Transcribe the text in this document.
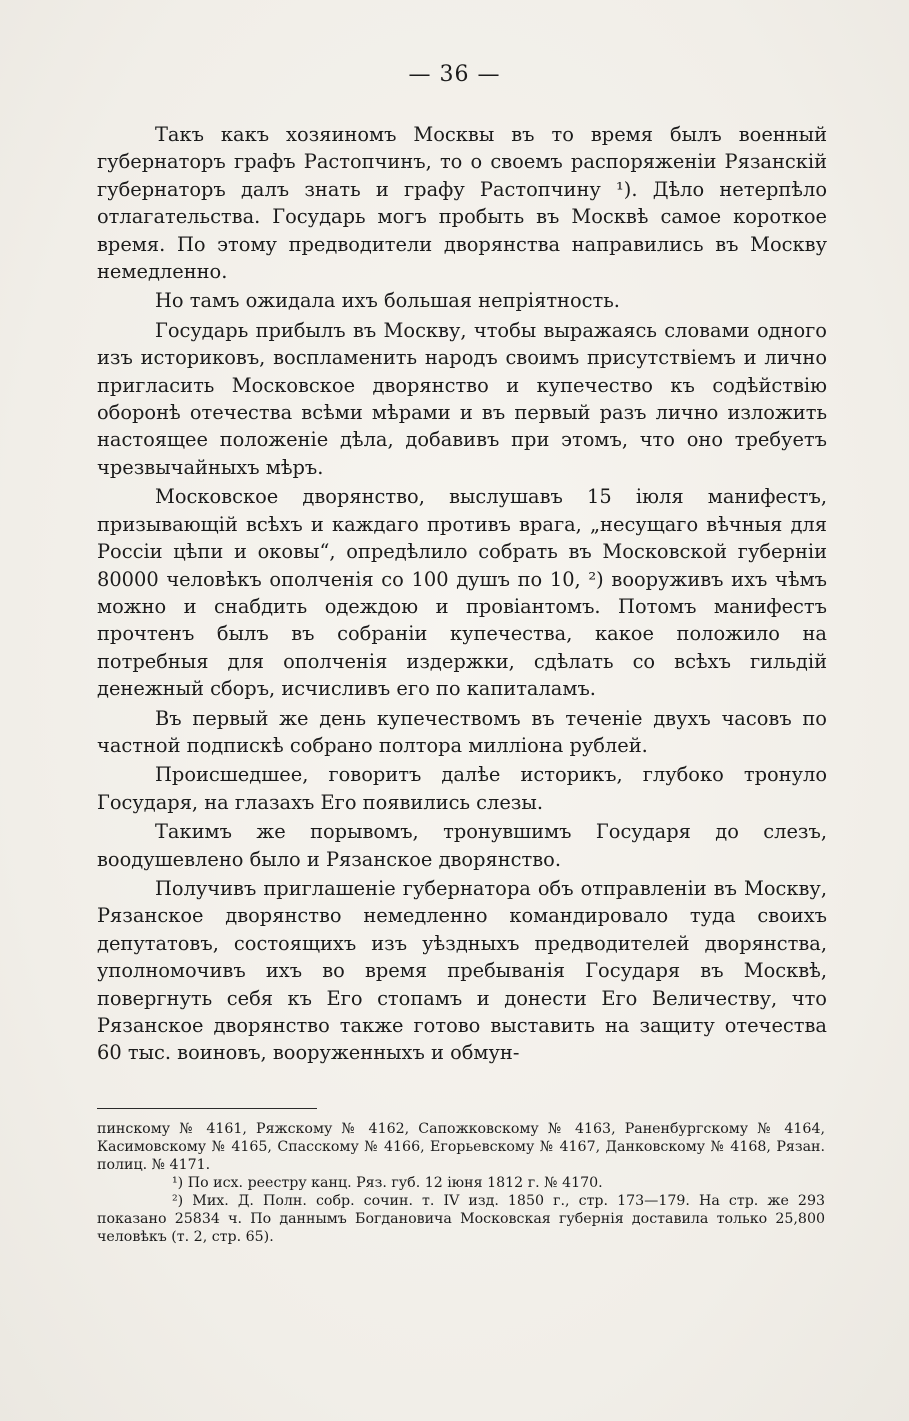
— 36 —

Такъ какъ хозяиномъ Москвы въ то время былъ военный губернаторъ графъ Растопчинъ, то о своемъ распоряженіи Рязанскій губернаторъ далъ знать и графу Растопчину ¹). Дѣло нетерпѣло отлагательства. Государь могъ пробыть въ Москвѣ самое короткое время. По этому предводители дворянства направились въ Москву немедленно.

Но тамъ ожидала ихъ большая непріятность.

Государь прибылъ въ Москву, чтобы выражаясь словами одного изъ историковъ, воспламенить народъ своимъ присутствіемъ и лично пригласить Московское дворянство и купечество къ содѣйствію оборонѣ отечества всѣми мѣрами и въ первый разъ лично изложить настоящее положеніе дѣла, добавивъ при этомъ, что оно требуетъ чрезвычайныхъ мѣръ.

Московское дворянство, выслушавъ 15 іюля манифестъ, призывающій всѣхъ и каждаго противъ врага, „несущаго вѣчныя для Россіи цѣпи и оковы“, опредѣлило собрать въ Московской губерніи 80000 человѣкъ ополченія со 100 душъ по 10, ²) вооруживъ ихъ чѣмъ можно и снабдить одеждою и провіантомъ. Потомъ манифестъ прочтенъ былъ въ собраніи купечества, какое положило на потребныя для ополченія издержки, сдѣлать со всѣхъ гильдій денежный сборъ, исчисливъ его по капиталамъ.

Въ первый же день купечествомъ въ теченіе двухъ часовъ по частной подпискѣ собрано полтора милліона рублей.

Происшедшее, говоритъ далѣе историкъ, глубоко тронуло Государя, на глазахъ Его появились слезы.

Такимъ же порывомъ, тронувшимъ Государя до слезъ, воодушевлено было и Рязанское дворянство.

Получивъ приглашеніе губернатора объ отправленіи въ Москву, Рязанское дворянство немедленно командировало туда своихъ депутатовъ, состоящихъ изъ уѣздныхъ предводителей дворянства, уполномочивъ ихъ во время пребыванія Государя въ Москвѣ, повергнуть себя къ Его стопамъ и донести Его Величеству, что Рязанское дворянство также готово выставить на защиту отечества 60 тыс. воиновъ, вооруженныхъ и обмун-

пинскому № 4161, Ряжскому № 4162, Сапожковскому № 4163, Раненбургскому № 4164, Касимовскому № 4165, Спасскому № 4166, Егорьевскому № 4167, Данковскому № 4168, Рязан. полиц. № 4171.

¹) По исх. реестру канц. Ряз. губ. 12 іюня 1812 г. № 4170.

²) Мих. Д. Полн. собр. сочин. т. IV изд. 1850 г., стр. 173—179. На стр. же 293 показано 25834 ч. По даннымъ Богдановича Московская губернія доставила только 25,800 человѣкъ (т. 2, стр. 65).
